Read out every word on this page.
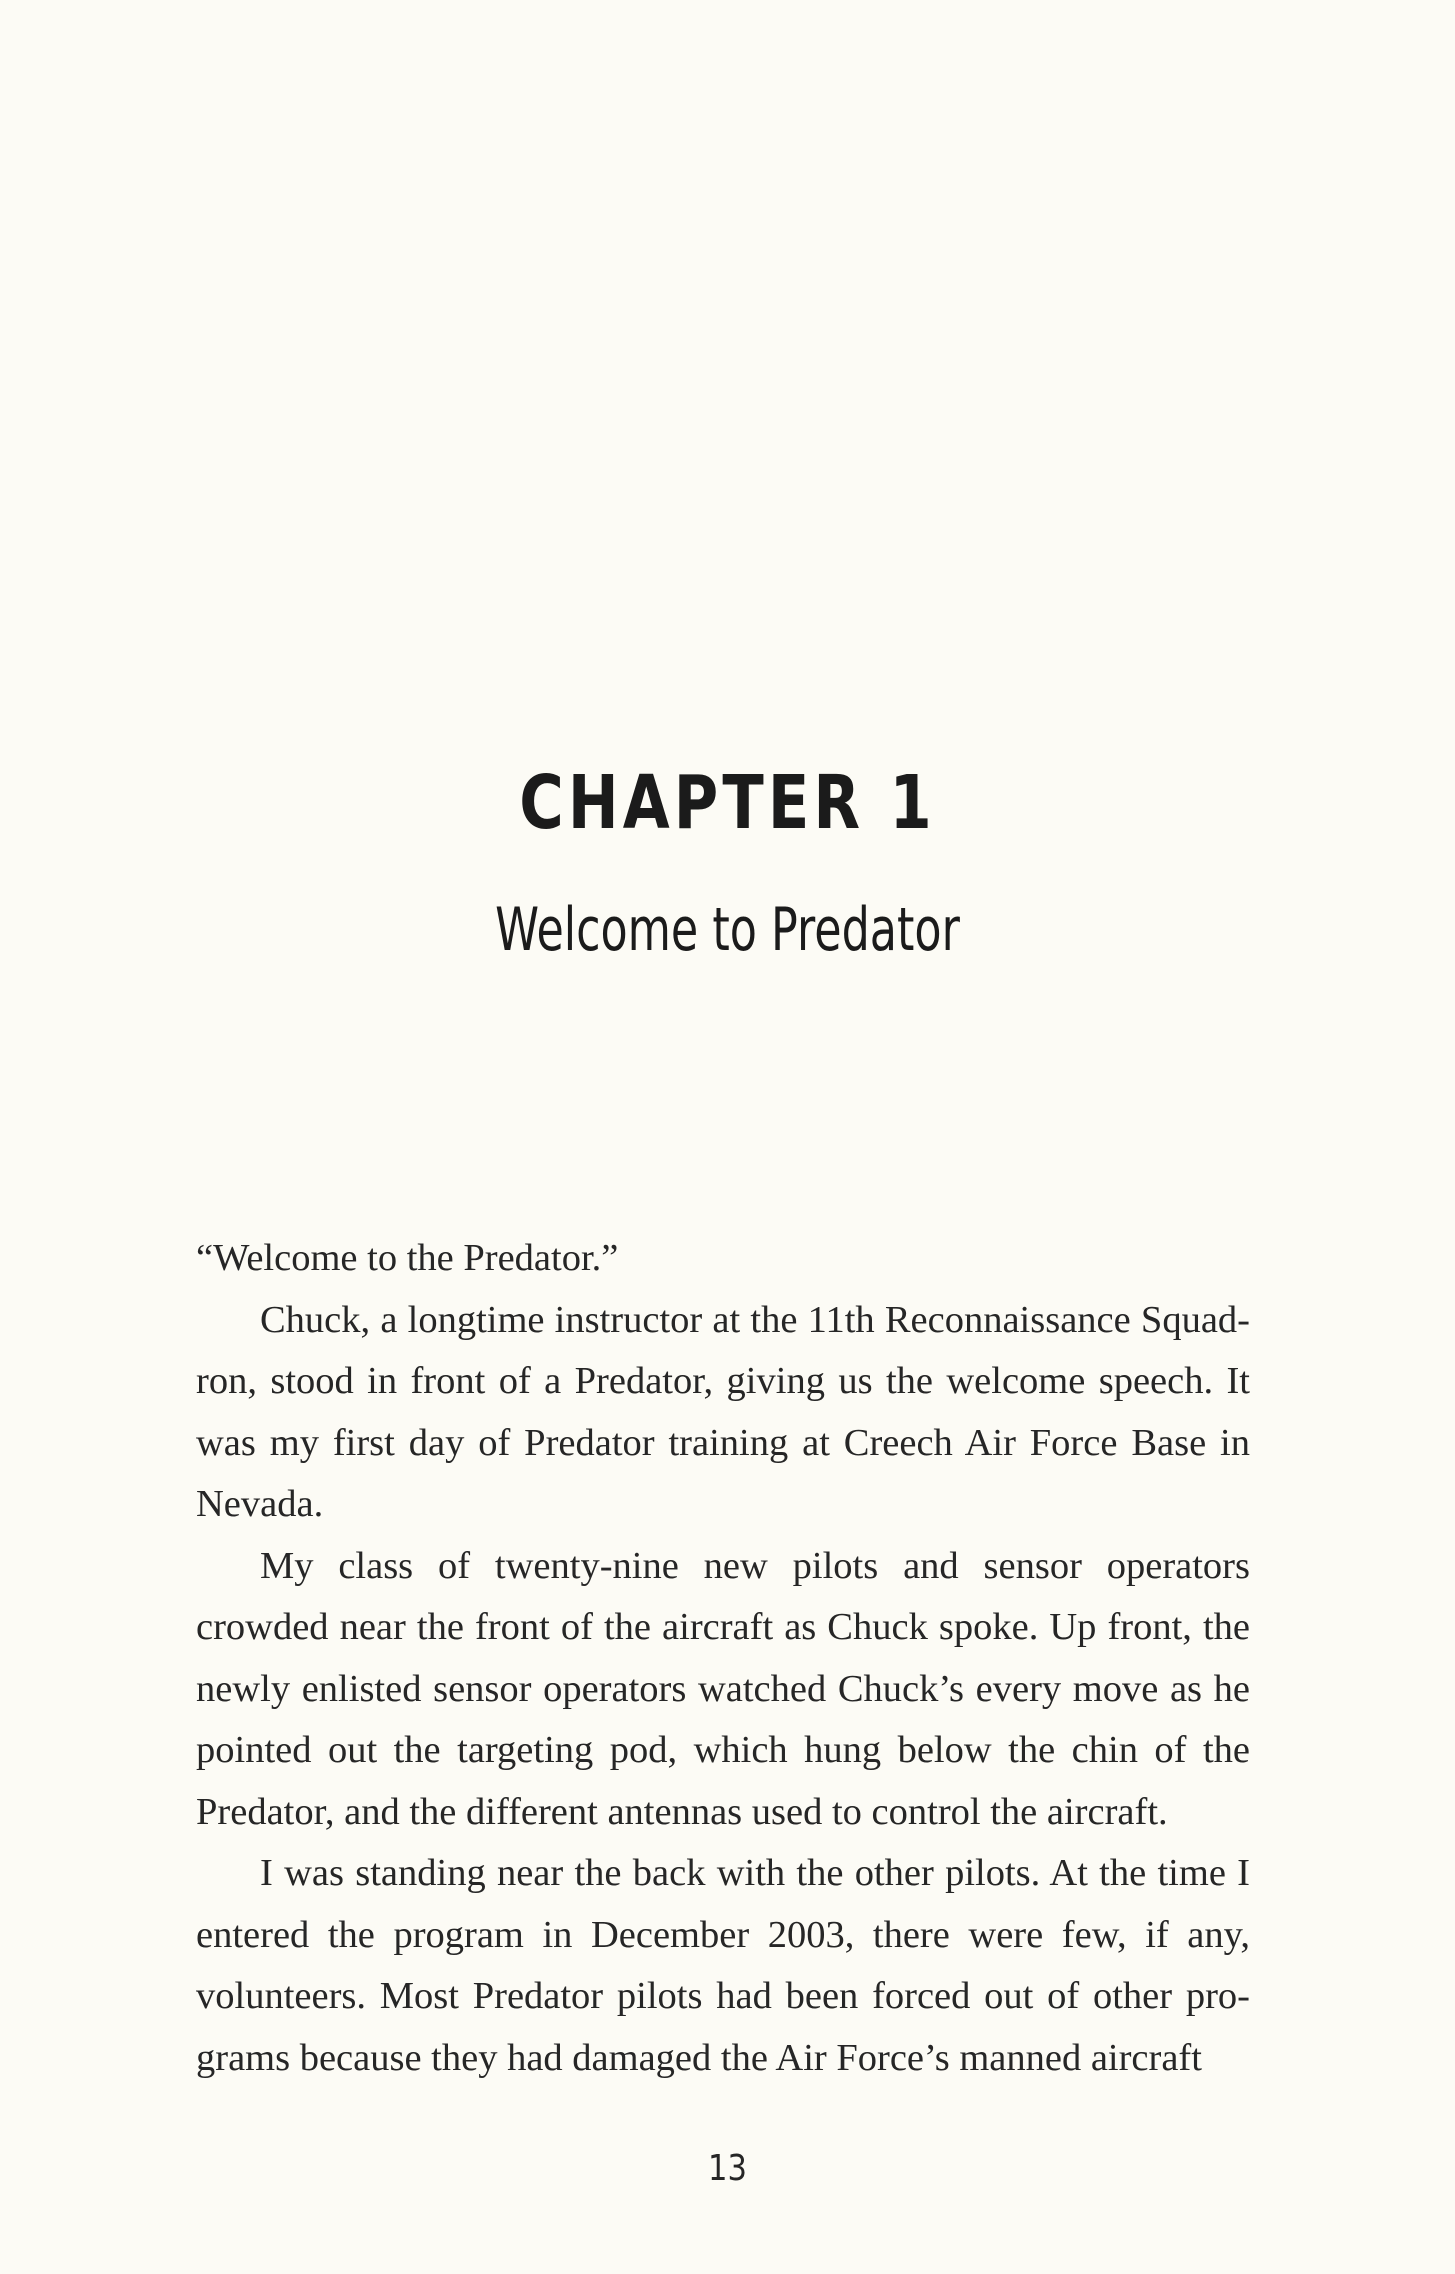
CHAPTER 1
Welcome to Predator

“Welcome to the Predator.”

Chuck, a longtime instructor at the 11th Reconnaissance Squadron, stood in front of a Predator, giving us the welcome speech. It was my first day of Predator training at Creech Air Force Base in Nevada.

My class of twenty-nine new pilots and sensor operators crowded near the front of the aircraft as Chuck spoke. Up front, the newly enlisted sensor operators watched Chuck’s every move as he pointed out the targeting pod, which hung below the chin of the Predator, and the different antennas used to control the aircraft.

I was standing near the back with the other pilots. At the time I entered the program in December 2003, there were few, if any, volunteers. Most Predator pilots had been forced out of other programs because they had damaged the Air Force’s manned aircraft

13
